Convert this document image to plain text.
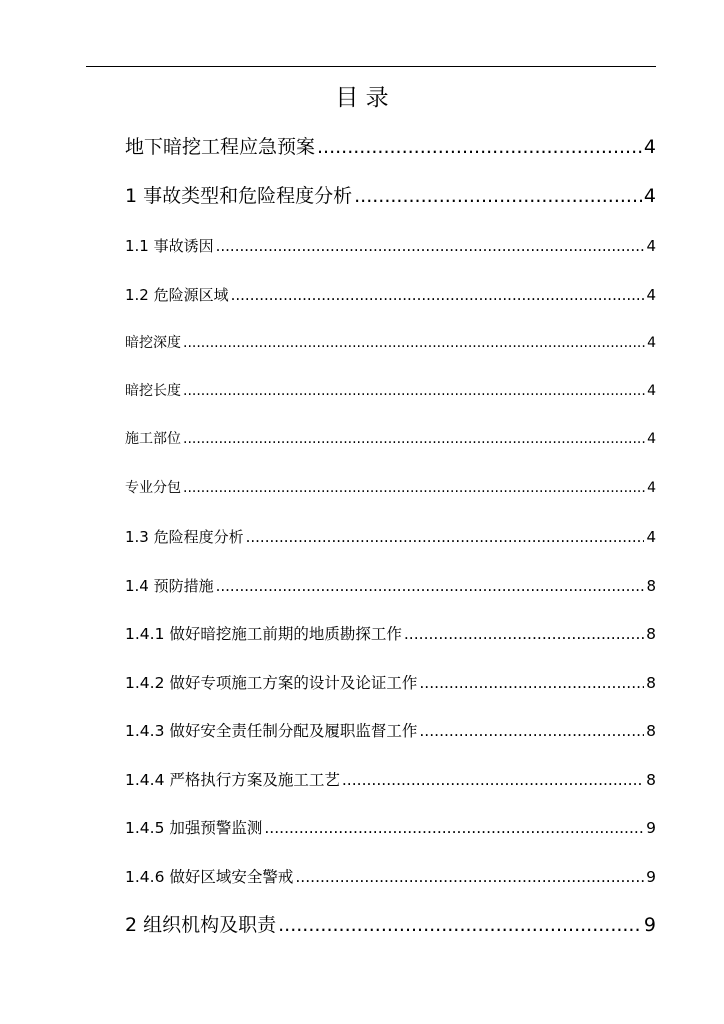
目 录
地下暗挖工程应急预案 .....	4
1 事故类型和危险程度分析 .....	4
1.1 事故诱因 .....	4
1.2 危险源区域 .....	4
暗挖深度 .....	4
暗挖长度 .....	4
施工部位 .....	4
专业分包 .....	4
1.3 危险程度分析 .....	4
1.4 预防措施 .....	8
1.4.1 做好暗挖施工前期的地质勘探工作 .....	8
1.4.2 做好专项施工方案的设计及论证工作 .....	8
1.4.3 做好安全责任制分配及履职监督工作 .....	8
1.4.4 严格执行方案及施工工艺 .....	8
1.4.5 加强预警监测 .....	9
1.4.6 做好区域安全警戒 .....	9
2 组织机构及职责 .....	9
